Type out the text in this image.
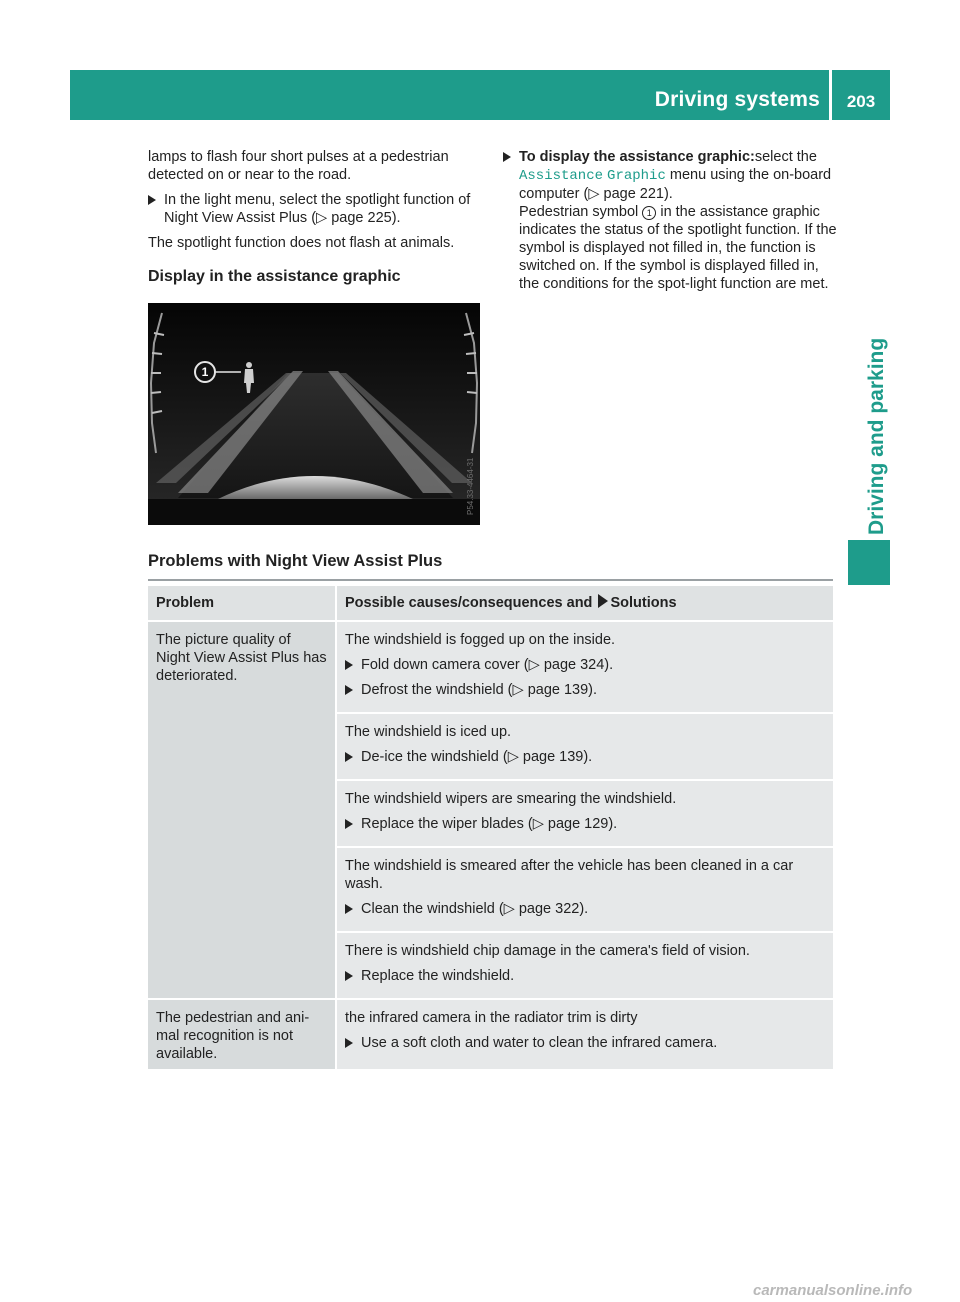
Driving systems	203
Driving and parking

lamps to flash four short pulses at a pedestrian detected on or near to the road.

In the light menu, select the spotlight function of Night View Assist Plus (▷ page 225).

The spotlight function does not flash at animals.

Display in the assistance graphic
1
P54.33-4464-31
To display the assistance graphic:select the Assistance Graphic menu using the on-board computer (▷ page 221).
Pedestrian symbol 1 in the assistance graphic indicates the status of the spotlight function. If the symbol is displayed not filled in, the function is switched on. If the symbol is displayed filled in, the conditions for the spot-light function are met.
Problems with Night View Assist Plus
Problem	Possible causes/consequences and Solutions
The picture quality of Night View Assist Plus has deteriorated.	The windshield is fogged up on the inside.

Fold down camera cover (▷ page 324).
Defrost the windshield (▷ page 139).

	The windshield is iced up.

De-ice the windshield (▷ page 139).

	The windshield wipers are smearing the windshield.

Replace the wiper blades (▷ page 129).

	The windshield is smeared after the vehicle has been cleaned in a car wash.

Clean the windshield (▷ page 322).

	There is windshield chip damage in the camera's field of vision.

Replace the windshield.

The pedestrian and ani-mal recognition is not available.	the infrared camera in the radiator trim is dirty

Use a soft cloth and water to clean the infrared camera.
carmanualsonline.info
